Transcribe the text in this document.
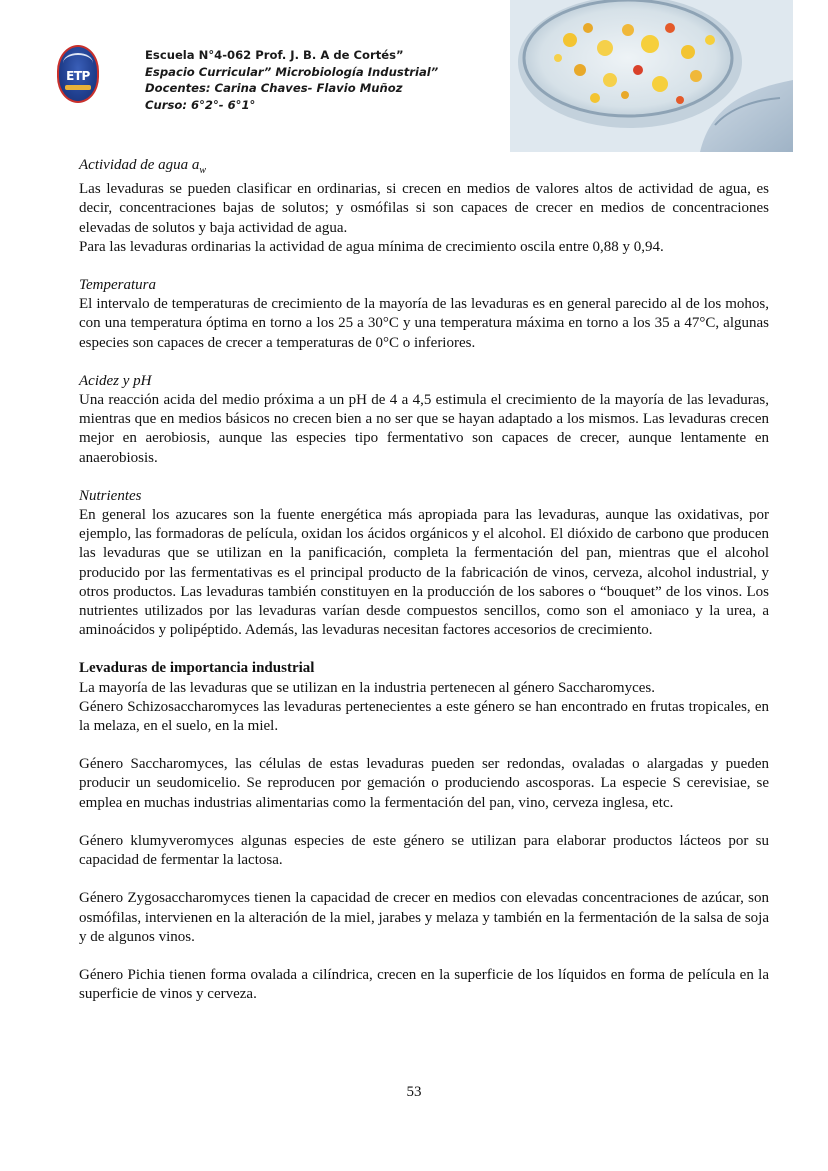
ETP
Escuela N°4-062 Prof. J. B. A de Cortés”
Espacio Curricular” Microbiología Industrial”
Docentes: Carina Chaves- Flavio Muñoz
Curso: 6°2°- 6°1°

Actividad de agua $a_w$

Las levaduras se pueden clasificar en ordinarias, si crecen en medios de valores altos de actividad de agua, es decir, concentraciones bajas de solutos; y osmófilas si son capaces de crecer en medios de concentraciones elevadas de solutos y baja actividad de agua.

Para las levaduras ordinarias la actividad de agua mínima de crecimiento oscila entre 0,88 y 0,94.

Temperatura

El intervalo de temperaturas de crecimiento de la mayoría de las levaduras es en general parecido al de los mohos, con una temperatura óptima en torno a los 25 a 30°C y una temperatura máxima en torno a los 35 a 47°C, algunas especies son capaces de crecer a temperaturas de 0°C o inferiores.

Acidez y pH

Una reacción acida del medio próxima a un pH de 4 a 4,5 estimula el crecimiento de la mayoría de las levaduras, mientras que en medios básicos no crecen bien a no ser que se hayan adaptado a los mismos. Las levaduras crecen mejor en aerobiosis, aunque las especies tipo fermentativo son capaces de crecer, aunque lentamente en anaerobiosis.

Nutrientes

En general los azucares son la fuente energética más apropiada para las levaduras, aunque las oxidativas, por ejemplo, las formadoras de película, oxidan los ácidos orgánicos y el alcohol. El dióxido de carbono que producen las levaduras que se utilizan en la panificación, completa la fermentación del pan, mientras que el alcohol producido por las fermentativas es el principal producto de la fabricación de vinos, cerveza, alcohol industrial, y otros productos. Las levaduras también constituyen en la producción de los sabores o “bouquet” de los vinos. Los nutrientes utilizados por las levaduras varían desde compuestos sencillos, como son el amoniaco y la urea, a aminoácidos y polipéptido. Además, las levaduras necesitan factores accesorios de crecimiento.

Levaduras de importancia industrial

La mayoría de las levaduras que se utilizan en la industria pertenecen al género Saccharomyces.

Género Schizosaccharomyces las levaduras pertenecientes a este género se han encontrado en frutas tropicales, en la melaza, en el suelo, en la miel.

Género Saccharomyces, las células de estas levaduras pueden ser redondas, ovaladas o alargadas y pueden producir un seudomicelio. Se reproducen por gemación o produciendo ascosporas. La especie S cerevisiae, se emplea en muchas industrias alimentarias como la fermentación del pan, vino, cerveza inglesa, etc.

Género klumyveromyces algunas especies de este género se utilizan para elaborar productos lácteos por su capacidad de fermentar la lactosa.

Género Zygosaccharomyces tienen la capacidad de crecer en medios con elevadas concentraciones de azúcar, son osmófilas, intervienen en la alteración de la miel, jarabes y melaza y también en la fermentación de la salsa de soja y de algunos vinos.

Género Pichia tienen forma ovalada a cilíndrica, crecen en la superficie de los líquidos en forma de película en la superficie de vinos y cerveza.

53
